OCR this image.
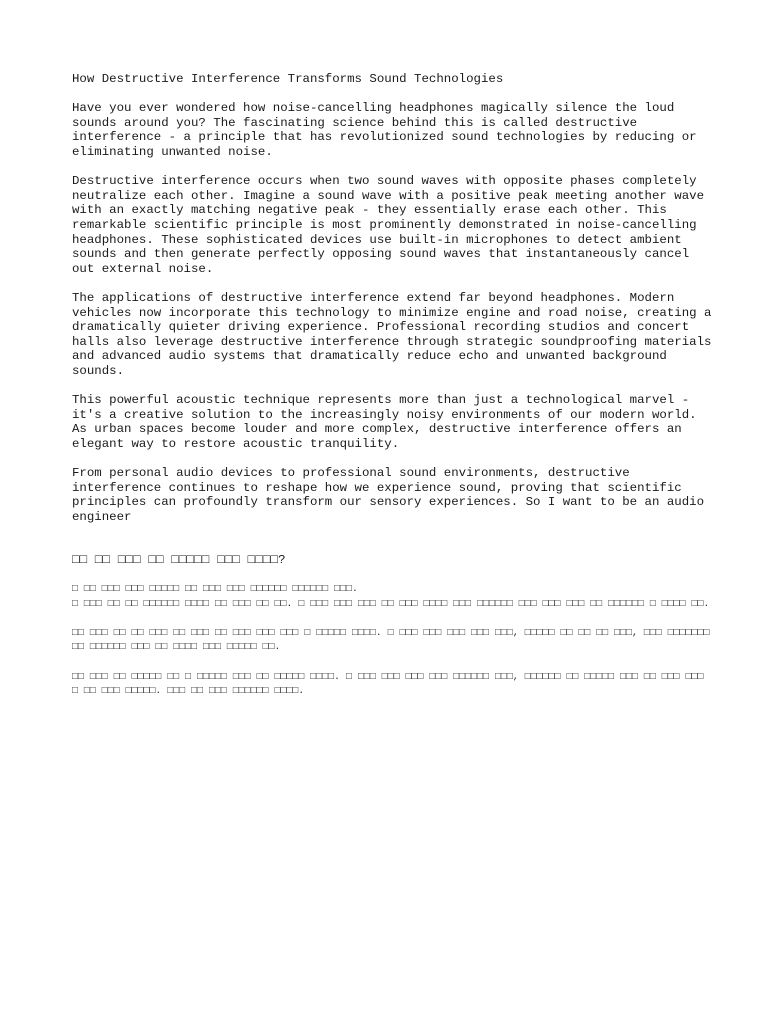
How Destructive Interference Transforms Sound Technologies

Have you ever wondered how noise-cancelling headphones magically silence the loud sounds around you? The fascinating science behind this is called destructive interference - a principle that has revolutionized sound technologies by reducing or eliminating unwanted noise.

Destructive interference occurs when two sound waves with opposite phases completely neutralize each other. Imagine a sound wave with a positive peak meeting another wave with an exactly matching negative peak - they essentially erase each other. This remarkable scientific principle is most prominently demonstrated in noise-cancelling headphones. These sophisticated devices use built-in microphones to detect ambient sounds and then generate perfectly opposing sound waves that instantaneously cancel out external noise.

The applications of destructive interference extend far beyond headphones. Modern vehicles now incorporate this technology to minimize engine and road noise, creating a dramatically quieter driving experience. Professional recording studios and concert halls also leverage destructive interference through strategic soundproofing materials and advanced audio systems that dramatically reduce echo and unwanted background sounds.

This powerful acoustic technique represents more than just a technological marvel - it's a creative solution to the increasingly noisy environments of our modern world. As urban spaces become louder and more complex, destructive interference offers an elegant way to restore acoustic tranquility.

From personal audio devices to professional sound environments, destructive interference continues to reshape how we experience sound, proving that scientific principles can profoundly transform our sensory experiences. So I want to be an audio engineer

□□ □□ □□□ □□ □□□□□ □□□ □□□□?

□ □□ □□□ □□□ □□□□□ □□ □□□ □□□ □□□□□□ □□□□□□ □□□.
□ □□□ □□ □□ □□□□□□ □□□□ □□ □□□ □□ □□. □ □□□ □□□ □□□ □□ □□□ □□□□ □□□ □□□□□□ □□□ □□□ □□□ □□ □□□□□□ □ □□□□ □□.

□□ □□□ □□ □□ □□□ □□ □□□ □□ □□□ □□□ □□□ □ □□□□□ □□□□. □ □□□ □□□ □□□ □□□ □□□, □□□□□ □□ □□ □□ □□□, □□□ □□□□□□□ □□ □□□□□□ □□□ □□ □□□□ □□□ □□□□□ □□.

□□ □□□ □□ □□□□□ □□ □ □□□□□ □□□ □□ □□□□□ □□□□. □ □□□ □□□ □□□ □□□ □□□□□□ □□□, □□□□□□ □□ □□□□□ □□□ □□ □□□ □□□ □ □□ □□□ □□□□□. □□□ □□ □□□ □□□□□□ □□□□.
